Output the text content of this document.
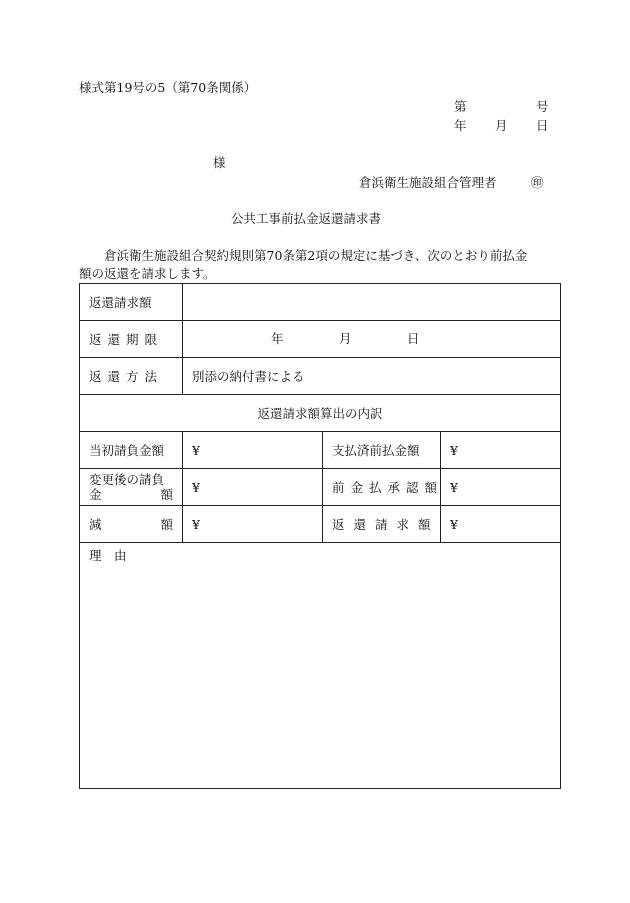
様式第19号の5（第70条関係）
第	号
年 月 日
様
倉浜衛生施設組合管理者	㊞
公共工事前払金返還請求書
倉浜衛生施設組合契約規則第70条第2項の規定に基づき、次のとおり前払金
額の返還を請求します。
返還請求額			
返還期限	年 月 日		

返還方法	別添の納付書による		
返還請求額算出の内訳			
当初請負金額	¥	支払済前払金額	¥

変更後の請負
金 額	¥	前金払承認額	¥

減 額	¥	返還請求額	¥
理　由			
